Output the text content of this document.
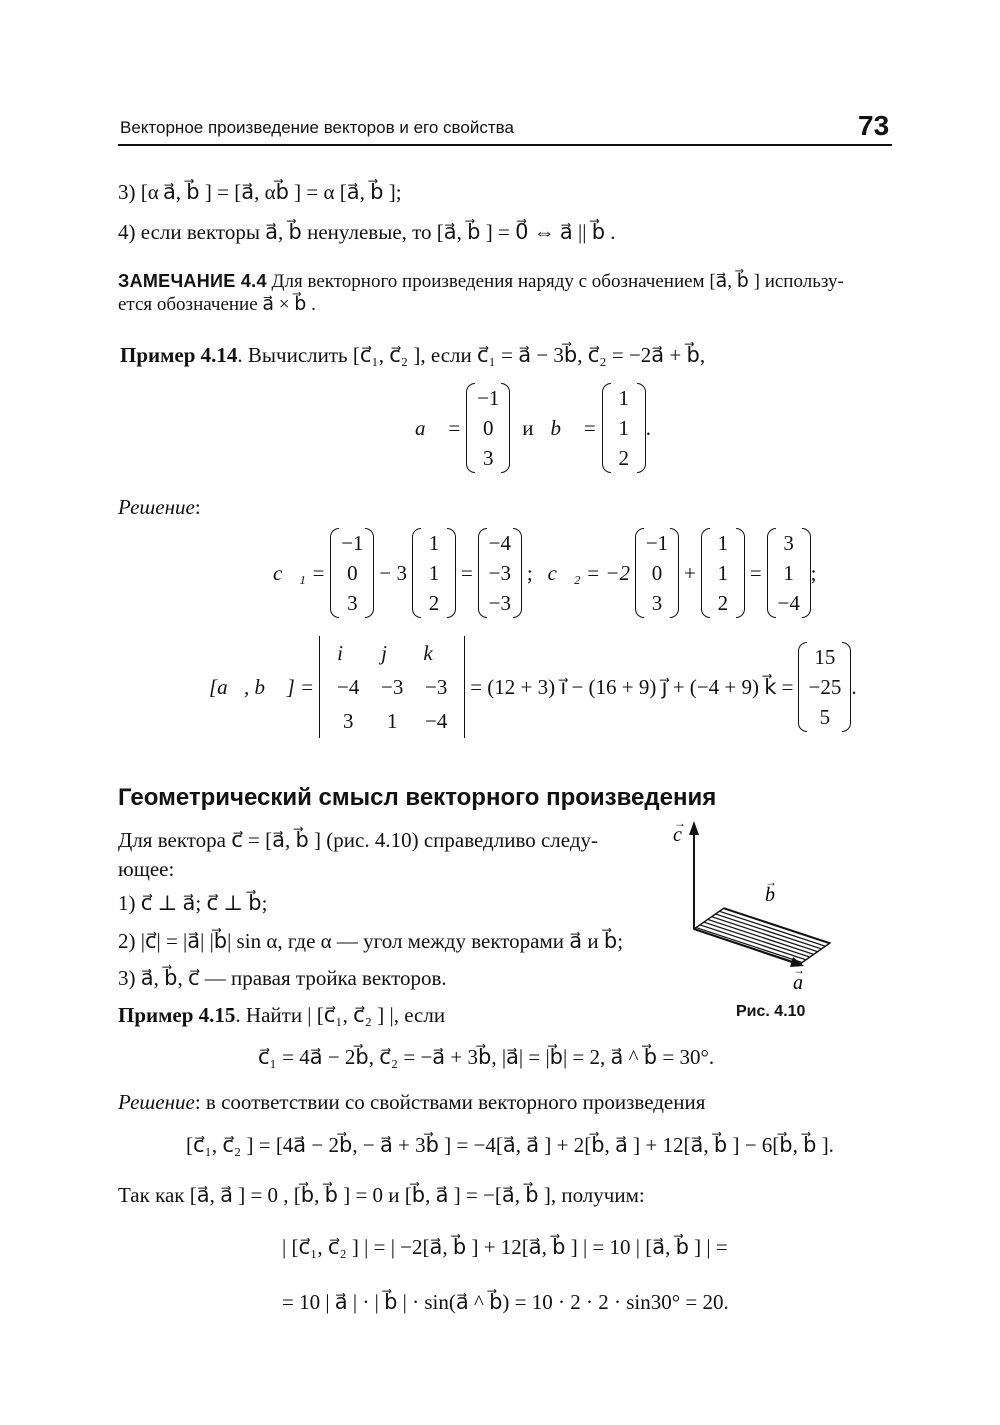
Векторное произведение векторов и его свойства	73
3) [α a⃗, b⃗ ] = [a⃗, αb⃗ ] = α [a⃗, b⃗ ];
4) если векторы a⃗, b⃗ ненулевые, то [a⃗, b⃗ ] = 0⃗ ⇔ a⃗ || b⃗ .
ЗАМЕЧАНИЕ 4.4 Для векторного произведения наряду с обозначением [a⃗, b⃗ ] использу-
ется обозначение a⃗ × b⃗ .
Пример 4.14. Вычислить [c⃗₁, c⃗₂ ], если c⃗₁ = a⃗ − 3b⃗, c⃗₂ = −2a⃗ + b⃗,
a⃗ =
−1
0
3
и b⃗ =
1
1
2
.
Решение:
c⃗₁ =
−1
0
3
− 3
1
1
2
=
−4
−3
−3
; c⃗₂ = −2
−1
0
3
+
1
1
2
=
3
1
−4
;
[a⃗, b⃗ ] =
i⃗	j⃗ k⃗
−4	−3	−3
3	1	−4
= (12 + 3) i⃗ − (16 + 9) j⃗ + (−4 + 9) k⃗ =
15
−25
5
.
Геометрический смысл векторного произведения
Для вектора c⃗ = [a⃗, b⃗ ] (рис. 4.10) справедливо следу-
ющее:
1) c⃗ ⊥ a⃗; c⃗ ⊥ b⃗;
2) |c⃗| = |a⃗| |b⃗| sin α, где α — угол между векторами a⃗ и b⃗;
3) a⃗, b⃗, c⃗ — правая тройка векторов.
c
→
b
→
a
→
Рис. 4.10
Пример 4.15. Найти | [c⃗₁, c⃗₂ ] |, если
c⃗₁ = 4a⃗ − 2b⃗, c⃗₂ = −a⃗ + 3b⃗, |a⃗| = |b⃗| = 2, a⃗ ^ b⃗ = 30°.
Решение: в соответствии со свойствами векторного произведения
[c⃗₁, c⃗₂ ] = [4a⃗ − 2b⃗, − a⃗ + 3b⃗ ] = −4[a⃗, a⃗ ] + 2[b⃗, a⃗ ] + 12[a⃗, b⃗ ] − 6[b⃗, b⃗ ].
Так как [a⃗, a⃗ ] = 0 , [b⃗, b⃗ ] = 0 и [b⃗, a⃗ ] = −[a⃗, b⃗ ], получим:
| [c⃗₁, c⃗₂ ] | = | −2[a⃗, b⃗ ] + 12[a⃗, b⃗ ] | = 10 | [a⃗, b⃗ ] | =
= 10 | a⃗ | · | b⃗ | · sin(a⃗ ^ b⃗) = 10 · 2 · 2 · sin30° = 20.
